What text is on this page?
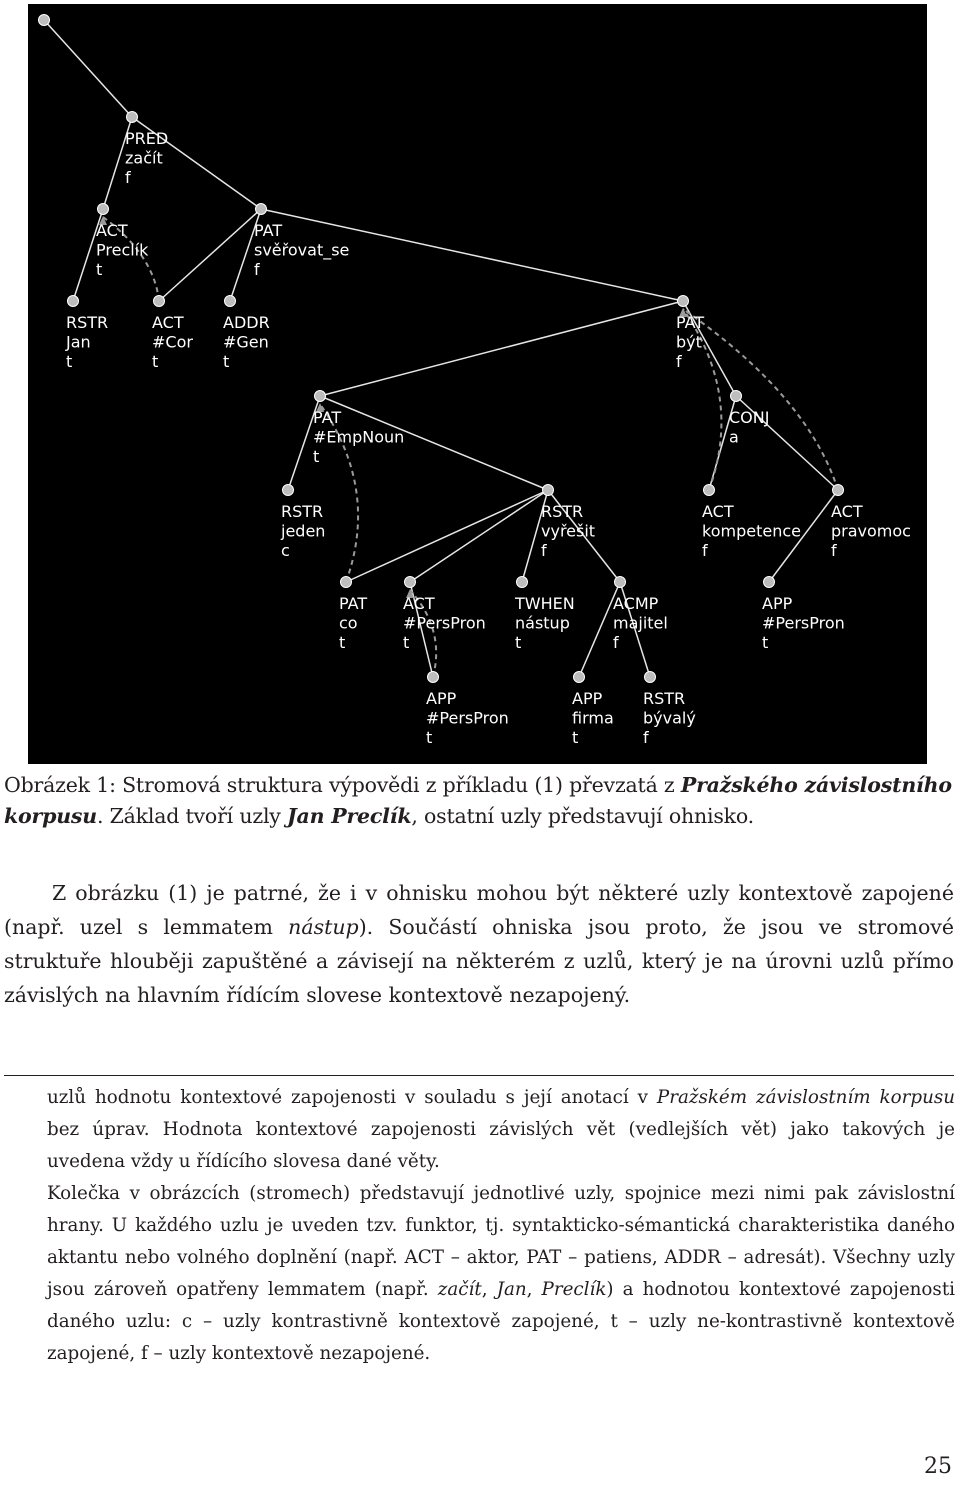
PRED
začít
f
ACT
Preclík
t
PAT
svěřovat_se
f
RSTR
Jan
t
ACT
#Cor
t
ADDR
#Gen
t
PAT
být
f
PAT
#EmpNoun
t
CONJ
a
RSTR
jeden
c
RSTR
vyřešit
f
ACT
kompetence
f
ACT
pravomoc
f
PAT
co
t
ACT
#PersPron
t
TWHEN
nástup
t
ACMP
majitel
f
APP
#PersPron
t
APP
#PersPron
t
APP
firma
t
RSTR
bývalý
f
Obrázek 1: Stromová struktura výpovědi z příkladu (1) převzatá z Pražského závislostního korpusu. Základ tvoří uzly Jan Preclík, ostatní uzly představují ohnisko.
Z obrázku (1) je patrné, že i v ohnisku mohou být některé uzly kontextově zapojené (např. uzel s lemmatem nástup). Součástí ohniska jsou proto, že jsou ve stromové struktuře hlouběji zapuštěné a závisejí na některém z uzlů, který je na úrovni uzlů přímo závislých na hlavním řídícím slovese kontextově nezapojený.

uzlů hodnotu kontextové zapojenosti v souladu s její anotací v Pražském závislostním korpusu bez úprav. Hodnota kontextové zapojenosti závislých vět (vedlejších vět) jako takových je uvedena vždy u řídícího slovesa dané věty.

Kolečka v obrázcích (stromech) představují jednotlivé uzly, spojnice mezi nimi pak závislostní hrany. U každého uzlu je uveden tzv. funktor, tj. syntakticko-sémantická charakteristika daného aktantu nebo volného doplnění (např. ACT – aktor, PAT – patiens, ADDR – adresát). Všechny uzly jsou zároveň opatřeny lemmatem (např. začít, Jan, Preclík) a hodnotou kontextové zapojenosti daného uzlu: c – uzly kontrastivně kontextově zapojené, t – uzly ne-kontrastivně kontextově zapojené, f – uzly kontextově nezapojené.

25
